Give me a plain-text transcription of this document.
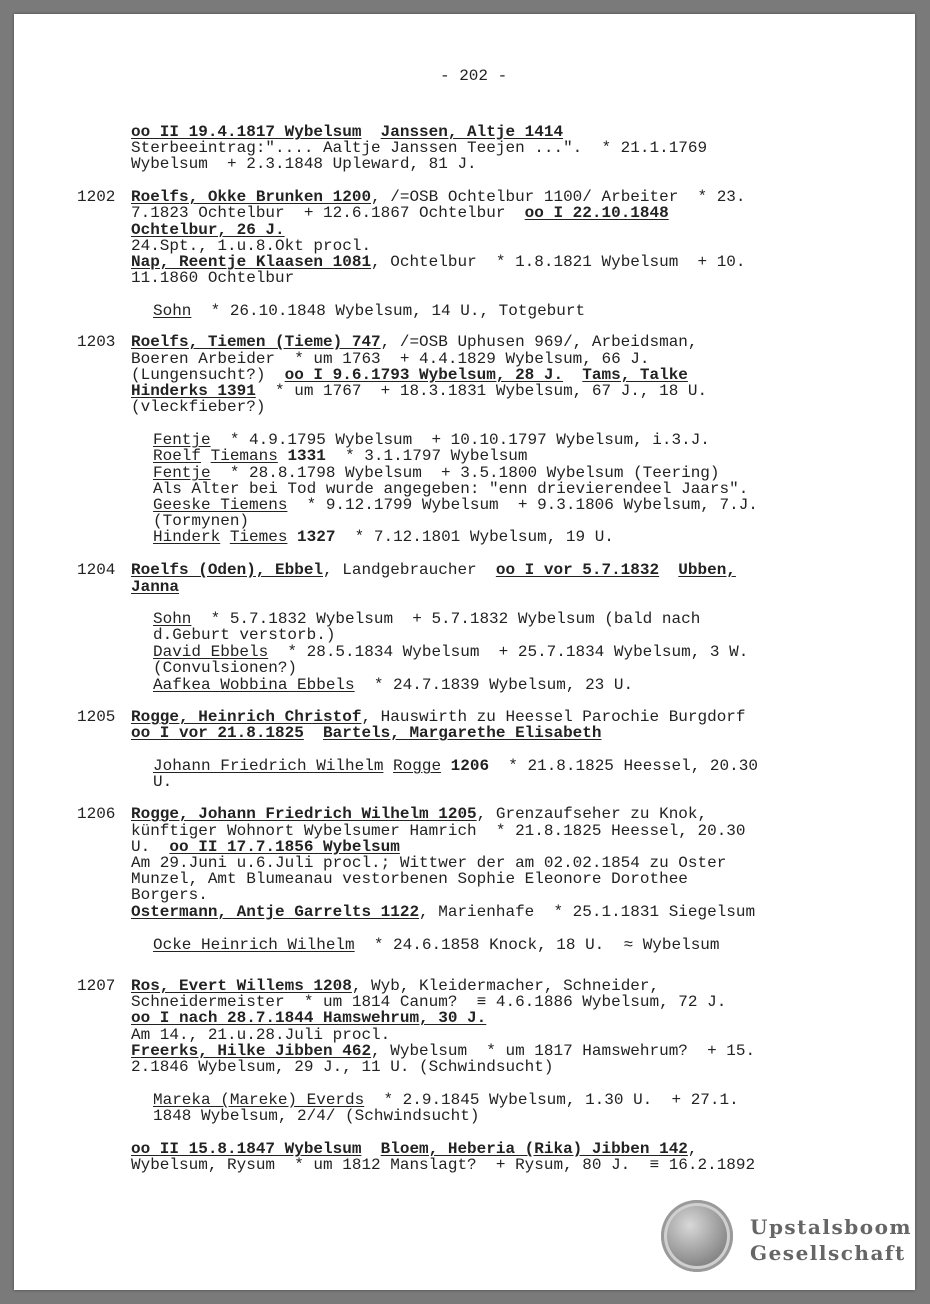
- 202 -
oo II 19.4.1817 Wybelsum Janssen, Altje 1414
Sterbeeintrag:".... Aaltje Janssen Teejen ...".  * 21.1.1769
Wybelsum  + 2.3.1848 Upleward, 81 J.
1202 Roelfs, Okke Brunken 1200, /=OSB Ochtelbur 1100/ Arbeiter  * 23.
7.1823 Ochtelbur  + 12.6.1867 Ochtelbur  oo I 22.10.1848
Ochtelbur, 26 J.
24.Spt., 1.u.8.Okt procl.
Nap, Reentje Klaasen 1081, Ochtelbur  * 1.8.1821 Wybelsum  + 10.
11.1860 Ochtelbur
Sohn  * 26.10.1848 Wybelsum, 14 U., Totgeburt
1203 Roelfs, Tiemen (Tieme) 747, /=OSB Uphusen 969/, Arbeidsman,
Boeren Arbeider  * um 1763  + 4.4.1829 Wybelsum, 66 J.
(Lungensucht?)  oo I 9.6.1793 Wybelsum, 28 J. Tams, Talke
Hinderks 1391  * um 1767  + 18.3.1831 Wybelsum, 67 J., 18 U.
(vleckfieber?)
Fentje  * 4.9.1795 Wybelsum  + 10.10.1797 Wybelsum, i.3.J.
Roelf Tiemans 1331  * 3.1.1797 Wybelsum
Fentje  * 28.8.1798 Wybelsum  + 3.5.1800 Wybelsum (Teering)
Als Alter bei Tod wurde angegeben: "enn drievierendeel Jaars".
Geeske Tiemens  * 9.12.1799 Wybelsum  + 9.3.1806 Wybelsum, 7.J.
(Tormynen)
Hinderk Tiemes 1327  * 7.12.1801 Wybelsum, 19 U.
1204 Roelfs (Oden), Ebbel, Landgebraucher  oo I vor 5.7.1832 Ubben,
Janna
Sohn  * 5.7.1832 Wybelsum  + 5.7.1832 Wybelsum (bald nach
d.Geburt verstorb.)
David Ebbels  * 28.5.1834 Wybelsum  + 25.7.1834 Wybelsum, 3 W.
(Convulsionen?)
Aafkea Wobbina Ebbels  * 24.7.1839 Wybelsum, 23 U.
1205 Rogge, Heinrich Christof, Hauswirth zu Heessel Parochie Burgdorf
oo I vor 21.8.1825 Bartels, Margarethe Elisabeth
Johann Friedrich Wilhelm Rogge 1206  * 21.8.1825 Heessel, 20.30
U.
1206 Rogge, Johann Friedrich Wilhelm 1205, Grenzaufseher zu Knok,
künftiger Wohnort Wybelsumer Hamrich  * 21.8.1825 Heessel, 20.30
U.  oo II 17.7.1856 Wybelsum
Am 29.Juni u.6.Juli procl.; Wittwer der am 02.02.1854 zu Oster
Munzel, Amt Blumeanau vestorbenen Sophie Eleonore Dorothee
Borgers.
Ostermann, Antje Garrelts 1122, Marienhafe  * 25.1.1831 Siegelsum
Ocke Heinrich Wilhelm  * 24.6.1858 Knock, 18 U.  ≈ Wybelsum
1207 Ros, Evert Willems 1208, Wyb, Kleidermacher, Schneider,
Schneidermeister  * um 1814 Canum?  ≡ 4.6.1886 Wybelsum, 72 J.
oo I nach 28.7.1844 Hamswehrum, 30 J.
Am 14., 21.u.28.Juli procl.
Freerks, Hilke Jibben 462, Wybelsum  * um 1817 Hamswehrum?  + 15.
2.1846 Wybelsum, 29 J., 11 U. (Schwindsucht)
Mareka (Mareke) Everds  * 2.9.1845 Wybelsum, 1.30 U.  + 27.1.
1848 Wybelsum, 2/4/ (Schwindsucht)
oo II 15.8.1847 Wybelsum Bloem, Heberia (Rika) Jibben 142,
Wybelsum, Rysum  * um 1812 Manslagt?  + Rysum, 80 J.  ≡ 16.2.1892
Upstalsboom
Gesellschaft
